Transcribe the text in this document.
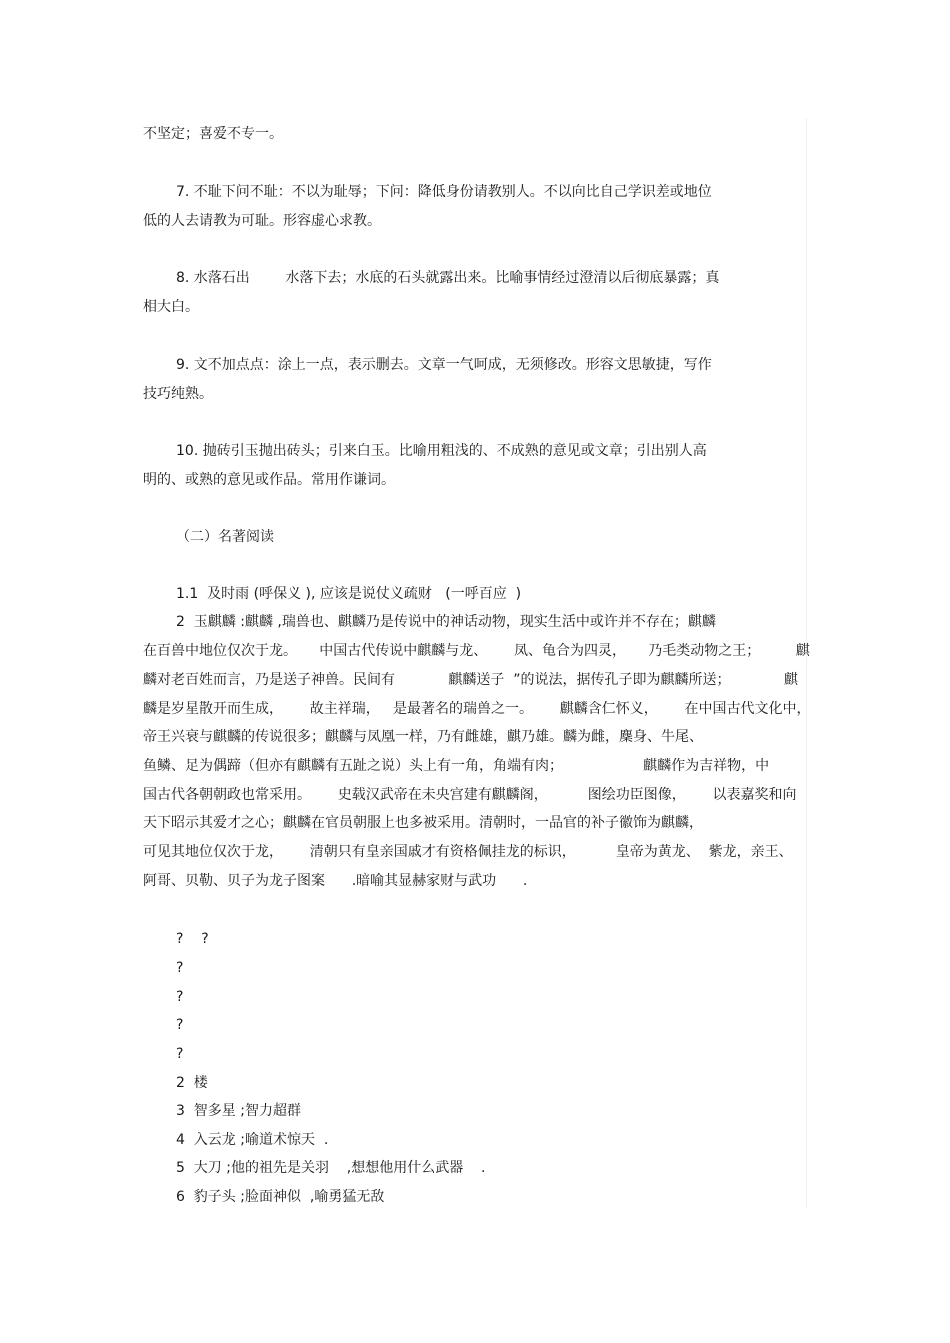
不坚定；喜爱不专一。
7. 不耻下问不耻：不以为耻辱；下问：降低身份请教别人。不以向比自己学识差或地位
低的人去请教为可耻。形容虚心求教。
8. 水落石出        水落下去；水底的石头就露出来。比喻事情经过澄清以后彻底暴露；真
相大白。
9. 文不加点点：涂上一点，表示删去。文章一气呵成，无须修改。形容文思敏捷，写作
技巧纯熟。
10. 抛砖引玉抛出砖头；引来白玉。比喻用粗浅的、不成熟的意见或文章；引出别人高
明的、或熟的意见或作品。常用作谦词。
（二）名著阅读
1.1  及时雨 (呼保义 ), 应该是说仗义疏财   (一呼百应  )
2  玉麒麟 :麒麟 ,瑞兽也、麒麟乃是传说中的神话动物，现实生活中或许并不存在；麒麟
在百兽中地位仅次于龙。     中国古代传说中麒麟与龙、      凤、龟合为四灵，     乃毛类动物之王；        麒
麟对老百姓而言，乃是送子神兽。民间有            麒麟送子  ”的说法，据传孔子即为麒麟所送；            麒
麟是岁星散开而生成，      故主祥瑞，   是最著名的瑞兽之一。      麒麟含仁怀义，      在中国古代文化中，
帝王兴衰与麒麟的传说很多；麒麟与凤凰一样，乃有雌雄，麒乃雄。麟为雌，麇身、牛尾、
鱼鳞、足为偶蹄（但亦有麒麟有五趾之说）头上有一角，角端有肉；                  麒麟作为吉祥物，中
国古代各朝朝政也常采用。      史载汉武帝在未央宫建有麒麟阁，         图绘功臣图像，      以表嘉奖和向
天下昭示其爱才之心；麒麟在官员朝服上也多被采用。清朝时，一品官的补子徽饰为麒麟，
可见其地位仅次于龙，      清朝只有皇亲国戚才有资格佩挂龙的标识，         皇帝为黄龙、  紫龙，亲王、
阿哥、贝勒、贝子为龙子图案      .暗喻其显赫家财与武功      .
?    ?
?
?
?
?
2  楼
3  智多星 ;智力超群
4  入云龙 ;喻道术惊天  .
5  大刀 ;他的祖先是关羽    ,想想他用什么武器    .
6  豹子头 ;脸面神似  ,喻勇猛无敌
